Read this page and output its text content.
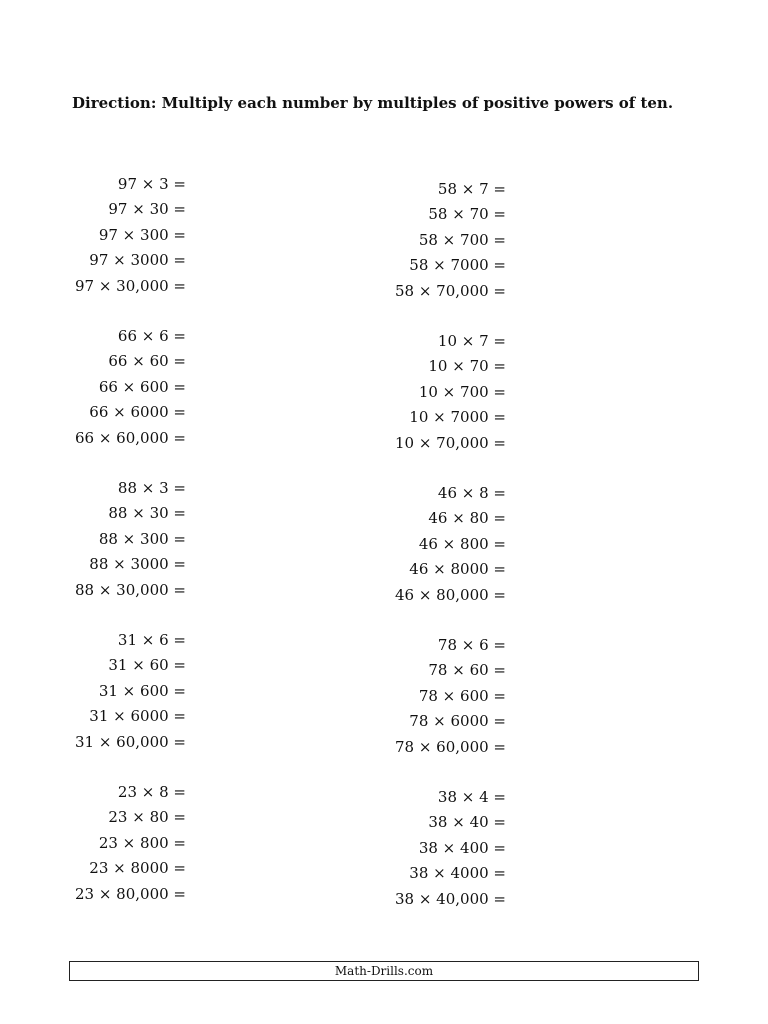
Direction: Multiply each number by multiples of positive powers of ten.
97 × 3 =
97 × 30 =
97 × 300 =
97 × 3000 =
97 × 30,000 =
66 × 6 =
66 × 60 =
66 × 600 =
66 × 6000 =
66 × 60,000 =
88 × 3 =
88 × 30 =
88 × 300 =
88 × 3000 =
88 × 30,000 =
31 × 6 =
31 × 60 =
31 × 600 =
31 × 6000 =
31 × 60,000 =
23 × 8 =
23 × 80 =
23 × 800 =
23 × 8000 =
23 × 80,000 =
58 × 7 =
58 × 70 =
58 × 700 =
58 × 7000 =
58 × 70,000 =
10 × 7 =
10 × 70 =
10 × 700 =
10 × 7000 =
10 × 70,000 =
46 × 8 =
46 × 80 =
46 × 800 =
46 × 8000 =
46 × 80,000 =
78 × 6 =
78 × 60 =
78 × 600 =
78 × 6000 =
78 × 60,000 =
38 × 4 =
38 × 40 =
38 × 400 =
38 × 4000 =
38 × 40,000 =
Math-Drills.com
